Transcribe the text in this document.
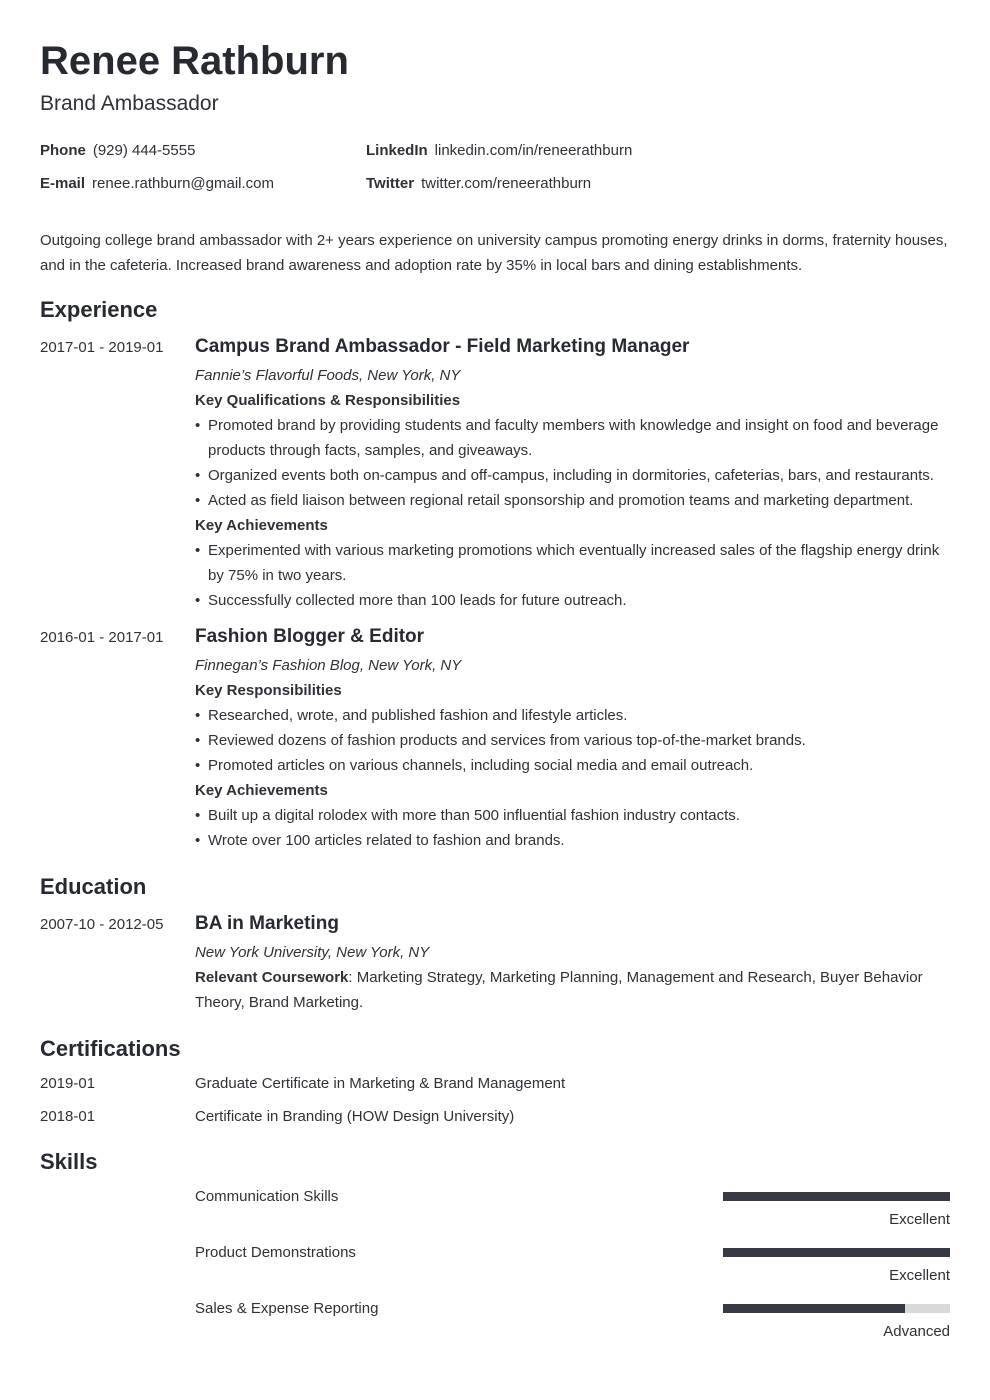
Renee Rathburn
Brand Ambassador
Phone (929) 444-5555	LinkedIn linkedin.com/in/reneerathburn
E-mail renee.rathburn@gmail.com	Twitter twitter.com/reneerathburn
Outgoing college brand ambassador with 2+ years experience on university campus promoting energy drinks in dorms, fraternity houses, and in the cafeteria. Increased brand awareness and adoption rate by 35% in local bars and dining establishments.
Experience
2017-01 - 2019-01 Campus Brand Ambassador - Field Marketing Manager
Fannie’s Flavorful Foods, New York, NY
Key Qualifications & Responsibilities
• Promoted brand by providing students and faculty members with knowledge and insight on food and beverage products through facts, samples, and giveaways.
• Organized events both on-campus and off-campus, including in dormitories, cafeterias, bars, and restaurants.
• Acted as field liaison between regional retail sponsorship and promotion teams and marketing department.
Key Achievements
• Experimented with various marketing promotions which eventually increased sales of the flagship energy drink by 75% in two years.
• Successfully collected more than 100 leads for future outreach.
2016-01 - 2017-01 Fashion Blogger & Editor
Finnegan’s Fashion Blog, New York, NY
Key Responsibilities
• Researched, wrote, and published fashion and lifestyle articles.
• Reviewed dozens of fashion products and services from various top-of-the-market brands.
• Promoted articles on various channels, including social media and email outreach.
Key Achievements
• Built up a digital rolodex with more than 500 influential fashion industry contacts.
• Wrote over 100 articles related to fashion and brands.
Education
2007-10 - 2012-05 BA in Marketing
New York University, New York, NY
Relevant Coursework: Marketing Strategy, Marketing Planning, Management and Research, Buyer Behavior Theory, Brand Marketing.
Certifications
2019-01	Graduate Certificate in Marketing & Brand Management
2018-01	Certificate in Branding (HOW Design University)
Skills
Communication Skills
Excellent
Product Demonstrations
Excellent
Sales & Expense Reporting
Advanced
